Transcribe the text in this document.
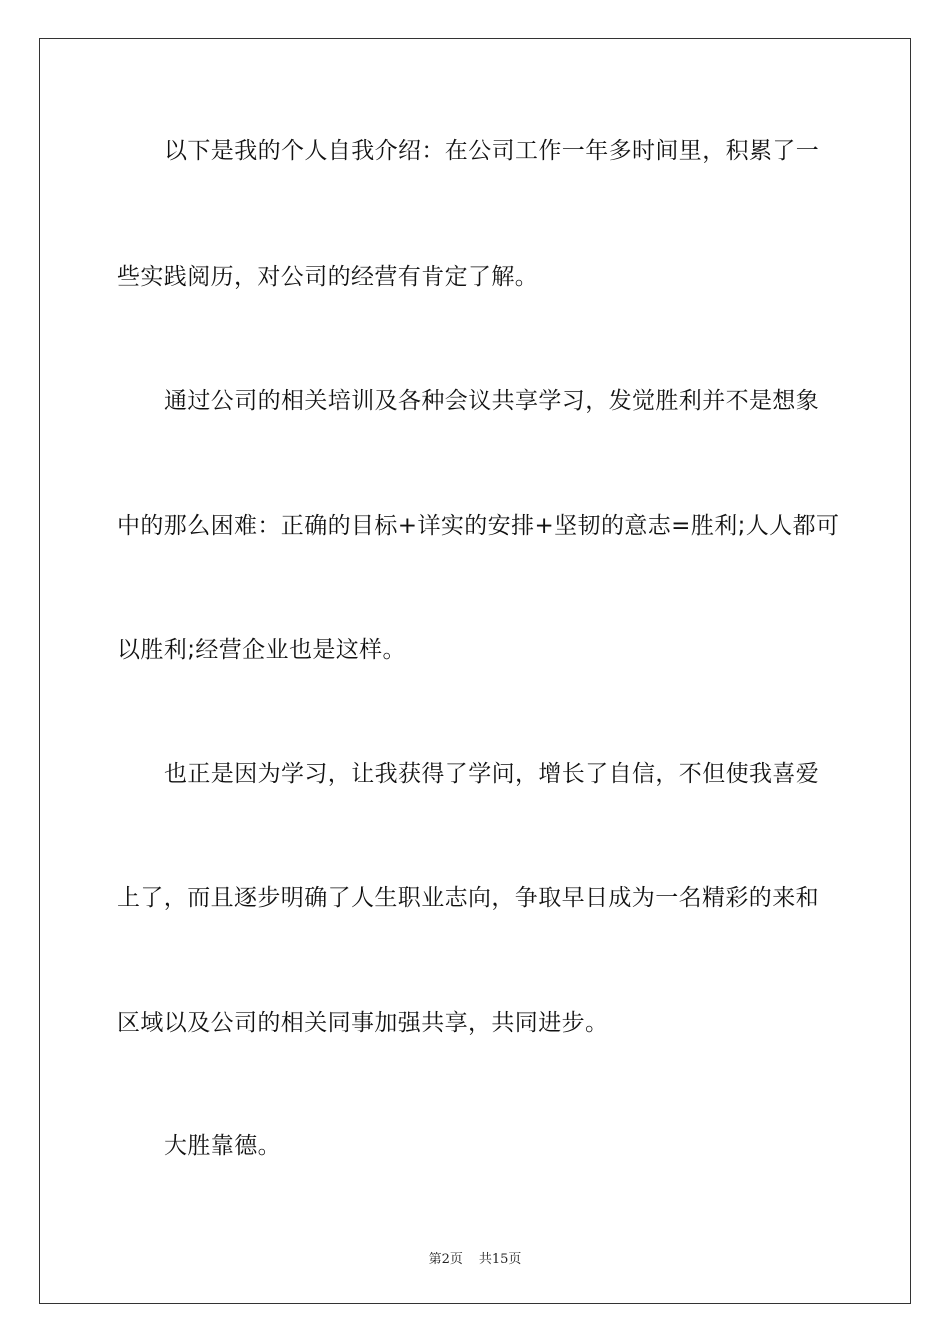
以下是我的个人自我介绍：在公司工作一年多时间里，积累了一
些实践阅历，对公司的经营有肯定了解。
通过公司的相关培训及各种会议共享学习，发觉胜利并不是想象
中的那么困难：正确的目标+详实的安排+坚韧的意志=胜利;人人都可
以胜利;经营企业也是这样。
也正是因为学习，让我获得了学问，增长了自信，不但使我喜爱
上了，而且逐步明确了人生职业志向，争取早日成为一名精彩的来和
区域以及公司的相关同事加强共享，共同进步。
大胜靠德。
第2页 共15页
